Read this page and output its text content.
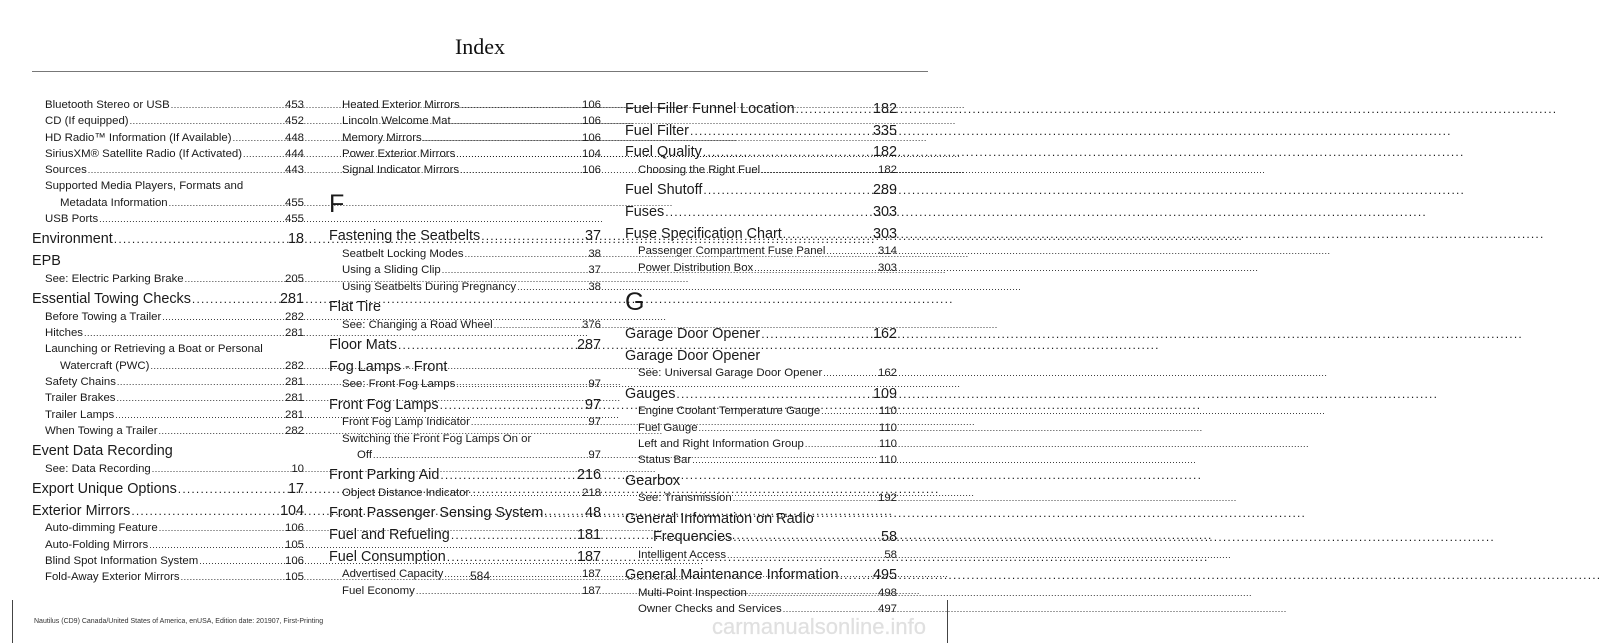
Index
Bluetooth Stereo or USB .....	453
CD (If equipped) .....	452
HD Radio™ Information (If Available) .....	448
SiriusXM® Satellite Radio (If Activated) .....	444
Sources .....	443
Supported Media Players, Formats and
Metadata Information .....	455
USB Ports .....	455
Environment .....	18
EPB
See: Electric Parking Brake .....	205
Essential Towing Checks .....	281
Before Towing a Trailer .....	282
Hitches .....	281
Launching or Retrieving a Boat or Personal
Watercraft (PWC) .....	282
Safety Chains .....	281
Trailer Brakes .....	281
Trailer Lamps .....	281
When Towing a Trailer .....	282
Event Data Recording
See: Data Recording .....	10
Export Unique Options .....	17
Exterior Mirrors .....	104
Auto-dimming Feature .....	106
Auto-Folding Mirrors .....	105
Blind Spot Information System .....	106
Fold-Away Exterior Mirrors .....	105
Heated Exterior Mirrors .....	106
Lincoln Welcome Mat .....	106
Memory Mirrors .....	106
Power Exterior Mirrors .....	104
Signal Indicator Mirrors .....	106
F
Fastening the Seatbelts .....	37
Seatbelt Locking Modes .....	38
Using a Sliding Clip .....	37
Using Seatbelts During Pregnancy .....	38
Flat Tire
See: Changing a Road Wheel .....	376
Floor Mats .....	287
Fog Lamps - Front
See: Front Fog Lamps .....	97
Front Fog Lamps .....	97
Front Fog Lamp Indicator .....	97
Switching the Front Fog Lamps On or
Off .....	97
Front Parking Aid .....	216
Object Distance Indicator .....	218
Front Passenger Sensing System .....	48
Fuel and Refueling .....	181
Fuel Consumption .....	187
Advertised Capacity .....	187
Fuel Economy .....	187
Fuel Filler Funnel Location .....	182
Fuel Filter .....	335
Fuel Quality .....	182
Choosing the Right Fuel .....	182
Fuel Shutoff .....	289
Fuses .....	303
Fuse Specification Chart .....	303
Passenger Compartment Fuse Panel .....	314
Power Distribution Box .....	303
G
Garage Door Opener .....	162
Garage Door Opener
See: Universal Garage Door Opener .....	162
Gauges .....	109
Engine Coolant Temperature Gauge .....	110
Fuel Gauge .....	110
Left and Right Information Group .....	110
Status Bar .....	110
Gearbox
See: Transmission .....	192
General Information on Radio
Frequencies .....	58
Intelligent Access .....	58
General Maintenance Information ..... 495
Multi-Point Inspection .....	498
Owner Checks and Services .....	497
584
Nautilus (CD9) Canada/United States of America, enUSA, Edition date: 201907, First-Printing	carmanualsonline.info
